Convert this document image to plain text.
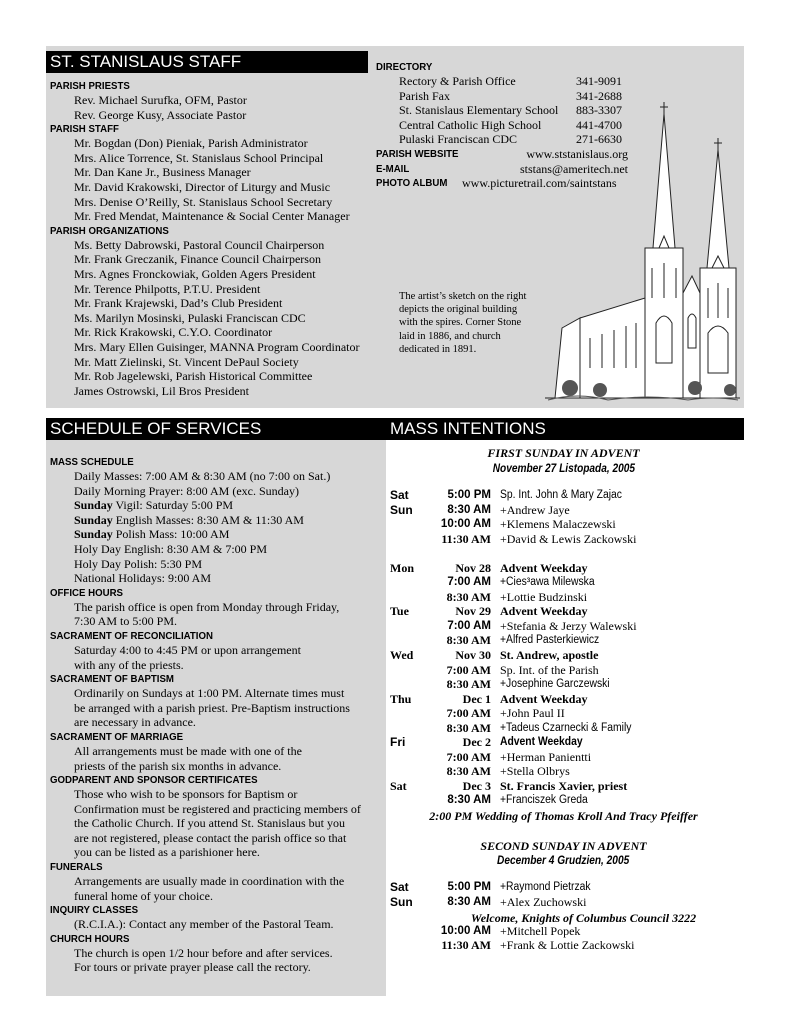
ST. STANISLAUS STAFF
PARISH PRIESTS
Rev. Michael Surufka, OFM, Pastor
Rev. George Kusy, Associate Pastor
PARISH STAFF
Mr. Bogdan (Don) Pieniak, Parish Administrator
Mrs. Alice Torrence, St. Stanislaus School Principal
Mr. Dan Kane Jr., Business Manager
Mr. David Krakowski, Director of Liturgy and Music
Mrs. Denise O’Reilly, St. Stanislaus School Secretary
Mr. Fred Mendat, Maintenance & Social Center Manager
PARISH ORGANIZATIONS
Ms. Betty Dabrowski, Pastoral Council Chairperson
Mr. Frank Greczanik, Finance Council Chairperson
Mrs. Agnes Fronckowiak, Golden Agers President
Mr. Terence Philpotts, P.T.U. President
Mr. Frank Krajewski, Dad’s Club President
Ms. Marilyn Mosinski, Pulaski Franciscan CDC
Mr. Rick Krakowski, C.Y.O. Coordinator
Mrs. Mary Ellen Guisinger, MANNA Program Coordinator
Mr. Matt Zielinski, St. Vincent DePaul Society
Mr. Rob Jagelewski, Parish Historical Committee
James Ostrowski, Lil Bros President
DIRECTORY
Rectory & Parish Office	341-9091
Parish Fax	341-2688
St. Stanislaus Elementary School 883-3307
Central Catholic High School	441-4700
Pulaski Franciscan CDC	271-6630
PARISH WEBSITE	www.ststanislaus.org
E-MAIL	ststans@ameritech.net
PHOTO ALBUM www.picturetrail.com/saintstans
The artist’s sketch on the right
depicts the original building
with the spires. Corner Stone
laid in 1886, and church
dedicated in 1891.
SCHEDULE OF SERVICES
MASS SCHEDULE
Daily Masses: 7:00 AM & 8:30 AM (no 7:00 on Sat.)
Daily Morning Prayer: 8:00 AM (exc. Sunday)
Sunday Vigil: Saturday 5:00 PM
Sunday English Masses: 8:30 AM & 11:30 AM
Sunday Polish Mass: 10:00 AM
Holy Day English: 8:30 AM & 7:00 PM
Holy Day Polish: 5:30 PM
National Holidays: 9:00 AM
OFFICE HOURS
The parish office is open from Monday through Friday,
7:30 AM to 5:00 PM.
SACRAMENT OF RECONCILIATION
Saturday 4:00 to 4:45 PM or upon arrangement
with any of the priests.
SACRAMENT OF BAPTISM
Ordinarily on Sundays at 1:00 PM. Alternate times must
be arranged with a parish priest. Pre-Baptism instructions
are necessary in advance.
SACRAMENT OF MARRIAGE
All arrangements must be made with one of the
priests of the parish six months in advance.
GODPARENT AND SPONSOR CERTIFICATES
Those who wish to be sponsors for Baptism or
Confirmation must be registered and practicing members of
the Catholic Church. If you attend St. Stanislaus but you
are not registered, please contact the parish office so that
you can be listed as a parishioner here.
FUNERALS
Arrangements are usually made in coordination with the
funeral home of your choice.
INQUIRY CLASSES
(R.C.I.A.): Contact any member of the Pastoral Team.
CHURCH HOURS
The church is open 1/2 hour before and after services.
For tours or private prayer please call the rectory.
MASS INTENTIONS
FIRST SUNDAY IN ADVENT
November 27 Listopada, 2005
2:00 PM Wedding of Thomas Kroll And Tracy Pfeiffer
SECOND SUNDAY IN ADVENT
December 4 Grudzien, 2005
Welcome, Knights of Columbus Council 3222
Sat	5:00 PM Sp. Int. John & Mary Zajac
Sun	8:30 AM +Andrew Jaye
10:00 AM +Klemens Malaczewski
11:30 AM +David & Lewis Zackowski
Mon	Nov 28 Advent Weekday
7:00 AM +Cies³awa Milewska
8:30 AM +Lottie Budzinski
Tue	Nov 29 Advent Weekday
7:00 AM +Stefania & Jerzy Walewski
8:30 AM +Alfred Pasterkiewicz
Wed	Nov 30 St. Andrew, apostle
7:00 AM Sp. Int. of the Parish
8:30 AM +Josephine Garczewski
Thu	Dec 1 Advent Weekday
7:00 AM +John Paul II
8:30 AM +Tadeus Czarnecki & Family
Fri	Dec 2 Advent Weekday
7:00 AM +Herman Panientti
8:30 AM +Stella Olbrys
Sat	Dec 3 St. Francis Xavier, priest
8:30 AM +Franciszek Greda
Sat	5:00 PM +Raymond Pietrzak
Sun	8:30 AM +Alex Zuchowski
10:00 AM +Mitchell Popek
11:30 AM +Frank & Lottie Zackowski
